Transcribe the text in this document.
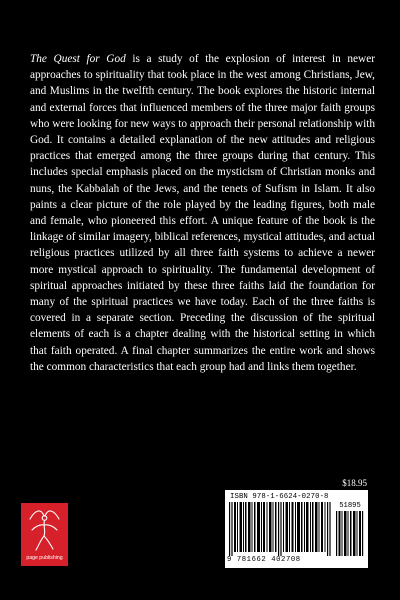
The Quest for God is a study of the explosion of interest in newer approaches to spirituality that took place in the west among Christians, Jew, and Muslims in the twelfth century. The book explores the historic internal and external forces that influenced members of the three major faith groups who were looking for new ways to approach their personal relationship with God. It contains a detailed explanation of the new attitudes and religious practices that emerged among the three groups during that century. This includes special emphasis placed on the mysticism of Christian monks and nuns, the Kabbalah of the Jews, and the tenets of Sufism in Islam. It also paints a clear picture of the role played by the leading figures, both male and female, who pioneered this effort. A unique feature of the book is the linkage of similar imagery, biblical references, mystical attitudes, and actual religious practices utilized by all three faith systems to achieve a newer more mystical approach to spirituality. The fundamental development of spiritual approaches initiated by these three faiths laid the foundation for many of the spiritual practices we have today. Each of the three faiths is covered in a separate section. Preceding the discussion of the spiritual elements of each is a chapter dealing with the historical setting in which that faith operated. A final chapter summarizes the entire work and shows the common characteristics that each group had and links them together.

$18.95
ISBN 978-1-6624-0270-8
9 781662 402708
51895
page publishing
